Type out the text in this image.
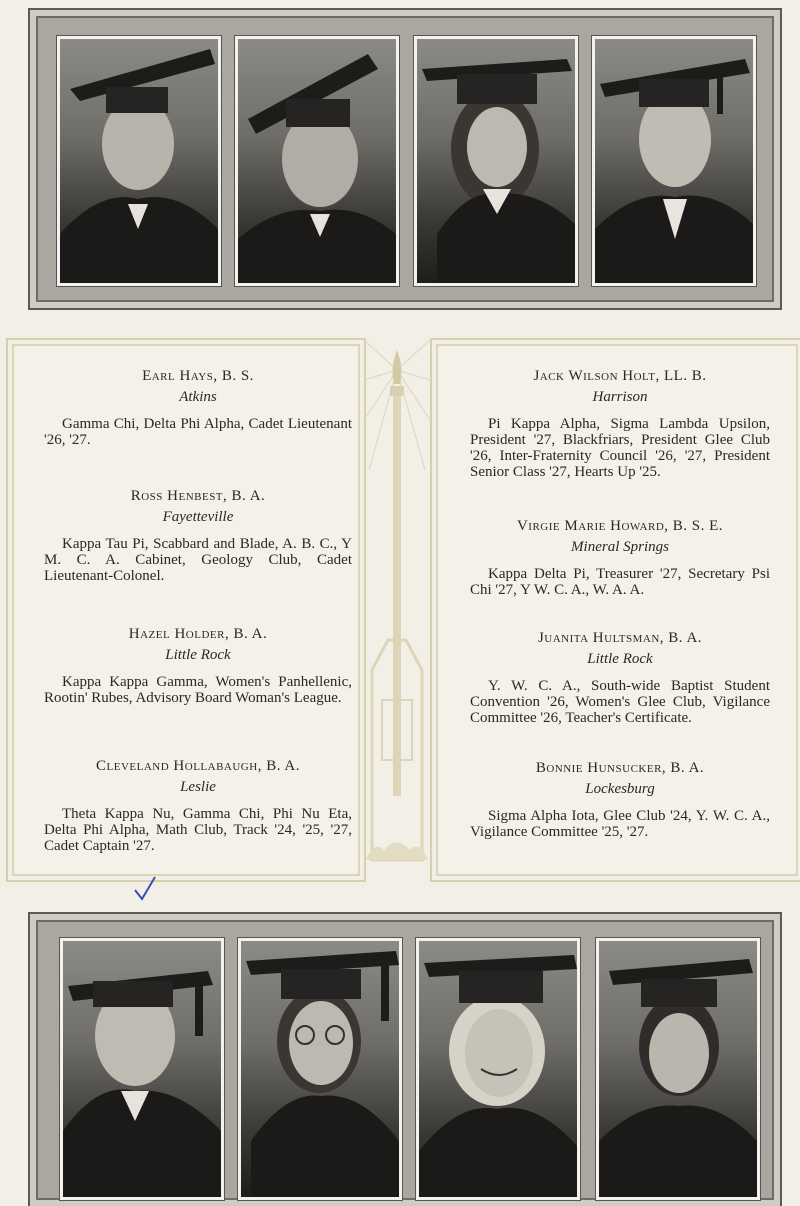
Earl Hays, B. S.

Atkins

Gamma Chi, Delta Phi Alpha, Cadet Lieutenant '26, '27.

Ross Henbest, B. A.

Fayetteville

Kappa Tau Pi, Scabbard and Blade, A. B. C., Y M. C. A. Cabinet, Geology Club, Cadet Lieutenant-Colonel.

Hazel Holder, B. A.

Little Rock

Kappa Kappa Gamma, Women's Panhellenic, Rootin' Rubes, Advisory Board Woman's League.

Cleveland Hollabaugh, B. A.

Leslie

Theta Kappa Nu, Gamma Chi, Phi Nu Eta, Delta Phi Alpha, Math Club, Track '24, '25, '27, Cadet Captain '27.

Jack Wilson Holt, LL. B.

Harrison

Pi Kappa Alpha, Sigma Lambda Upsilon, President '27, Blackfriars, President Glee Club '26, Inter-Fraternity Council '26, '27, President Senior Class '27, Hearts Up '25.

Virgie Marie Howard, B. S. E.

Mineral Springs

Kappa Delta Pi, Treasurer '27, Secretary Psi Chi '27, Y W. C. A., W. A. A.

Juanita Hultsman, B. A.

Little Rock

Y. W. C. A., South-wide Baptist Student Convention '26, Women's Glee Club, Vigilance Committee '26, Teacher's Certificate.

Bonnie Hunsucker, B. A.

Lockesburg

Sigma Alpha Iota, Glee Club '24, Y. W. C. A., Vigilance Committee '25, '27.
